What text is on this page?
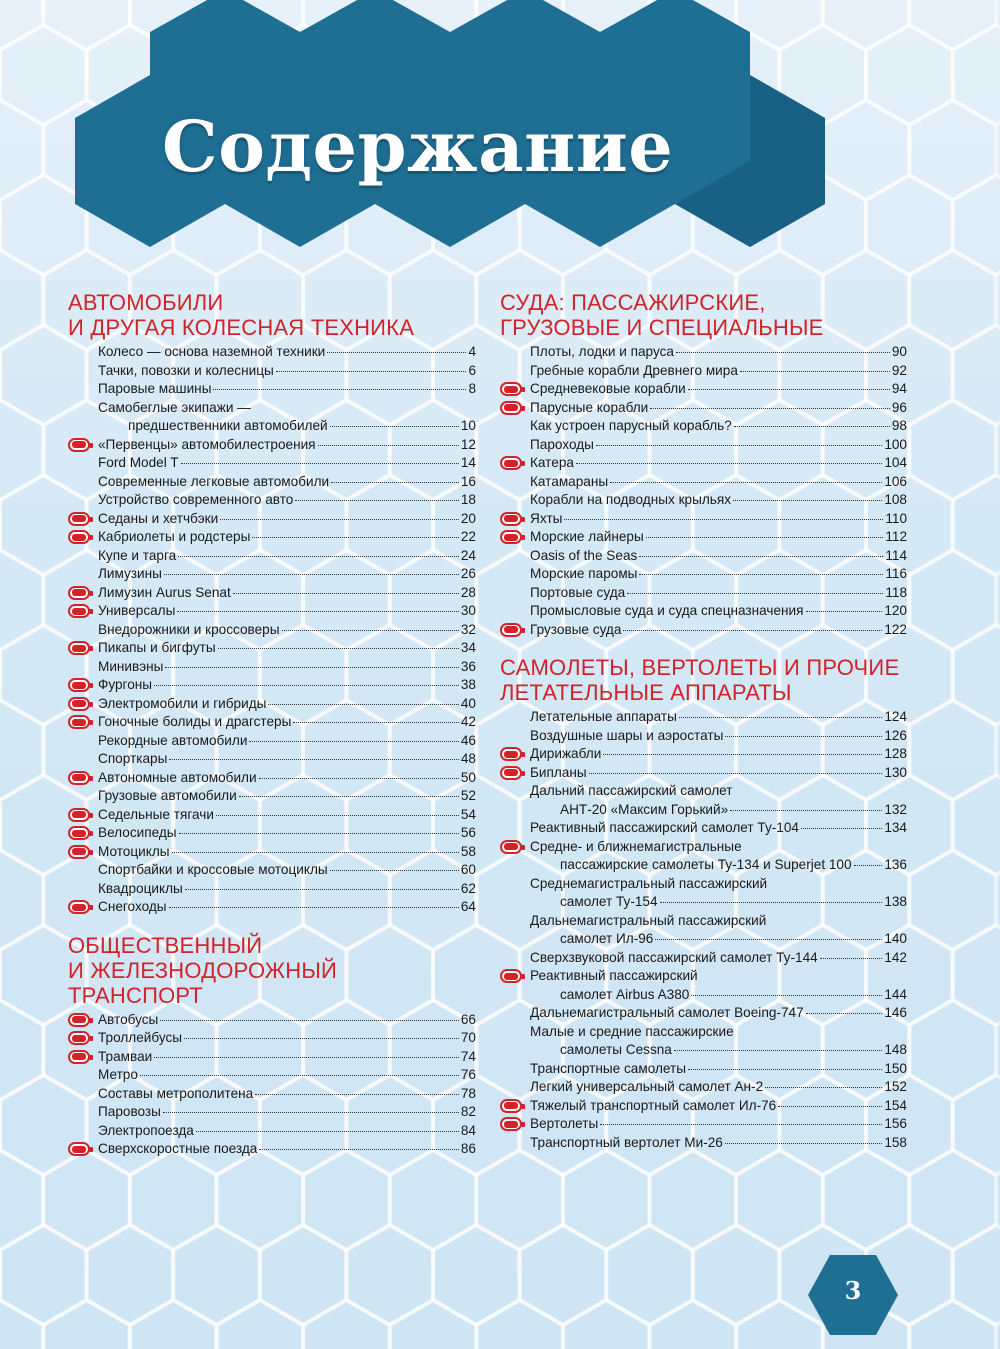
Содержание
АВТОМОБИЛИ
И ДРУГАЯ КОЛЕСНАЯ ТЕХНИКА
Колесо — основа наземной техники	4
Тачки, повозки и колесницы	6
Паровые машины	8
Самобеглые экипажи —
предшественники автомобилей	10
«Первенцы» автомобилестроения	12
Ford Model T	14
Современные легковые автомобили	16
Устройство современного авто	18
Седаны и хетчбэки	20
Кабриолеты и родстеры	22
Купе и тарга	24
Лимузины	26
Лимузин Aurus Senat	28
Универсалы	30
Внедорожники и кроссоверы	32
Пикапы и бигфуты	34
Минивэны	36
Фургоны	38
Электромобили и гибриды	40
Гоночные болиды и драгстеры	42
Рекордные автомобили	46
Спорткары	48
Автономные автомобили	50
Грузовые автомобили	52
Седельные тягачи	54
Велосипеды	56
Мотоциклы	58
Спортбайки и кроссовые мотоциклы	60
Квадроциклы	62
Снегоходы	64
ОБЩЕСТВЕННЫЙ
И ЖЕЛЕЗНОДОРОЖНЫЙ
ТРАНСПОРТ
Автобусы	66
Троллейбусы	70
Трамваи	74
Метро	76
Составы метрополитена	78
Паровозы	82
Электропоезда	84
Сверхскоростные поезда	86
СУДА: ПАССАЖИРСКИЕ,
ГРУЗОВЫЕ И СПЕЦИАЛЬНЫЕ
Плоты, лодки и паруса	90
Гребные корабли Древнего мира	92
Средневековые корабли	94
Парусные корабли	96
Как устроен парусный корабль?	98
Пароходы	100
Катера	104
Катамараны	106
Корабли на подводных крыльях	108
Яхты	110
Морские лайнеры	112
Oasis of the Seas	114
Морские паромы	116
Портовые суда	118
Промысловые суда и суда спецназначения	120
Грузовые суда	122
САМОЛЕТЫ, ВЕРТОЛЕТЫ И ПРОЧИЕ
ЛЕТАТЕЛЬНЫЕ АППАРАТЫ
Летательные аппараты	124
Воздушные шары и аэростаты	126
Дирижабли	128
Бипланы	130
Дальний пассажирский самолет
АНТ-20 «Максим Горький»	132
Реактивный пассажирский самолет Ту-104	134
Средне- и ближнемагистральные
пассажирские самолеты Ту-134 и Superjet 100 136
Среднемагистральный пассажирский
самолет Ту-154	138
Дальнемагистральный пассажирский
самолет Ил-96	140
Сверхзвуковой пассажирский самолет Ту-144	142
Реактивный пассажирский
самолет Airbus A380	144
Дальнемагистральный самолет Boeing-747	146
Малые и средние пассажирские
самолеты Cessna	148
Транспортные самолеты	150
Легкий универсальный самолет Ан-2	152
Тяжелый транспортный самолет Ил-76	154
Вертолеты	156
Транспортный вертолет Ми-26	158
3
